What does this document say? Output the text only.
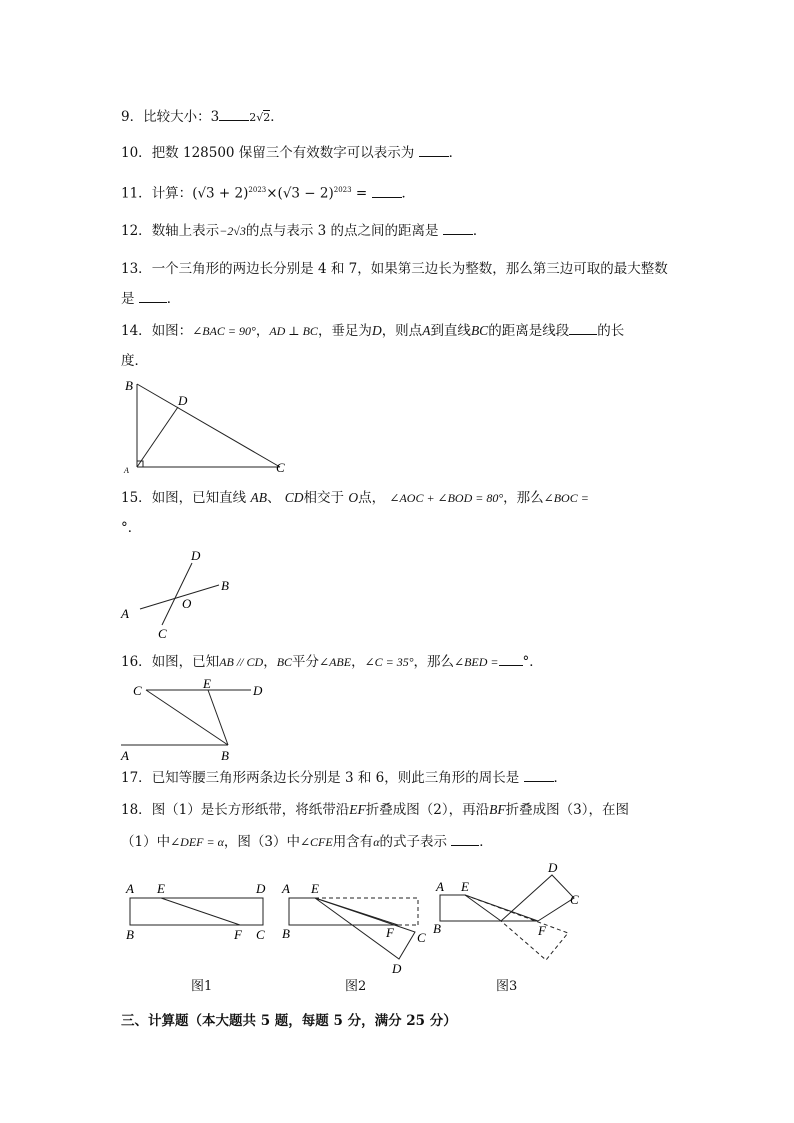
9．比较大小：3	2√2．
10．把数 128500 保留三个有效数字可以表示为	．
11．计算：$(√3 + 2)^{2023}\times(√3 - 2)^{2023}$ =	．
12．数轴上表示−2√3的点与表示 3 的点之间的距离是	．
13．一个三角形的两边长分别是 4 和 7，如果第三边长为整数，那么第三边可取的最大整数
是 ．
14．如图：∠BAC = 90°，AD ⊥ BC，垂足为D，则点A到直线BC的距离是线段 的长
度．
B
D
A	C
15．如图，已知直线 AB、 CD相交于 O点， ∠AOC + ∠BOD = 80°，那么∠BOC =
°．
D
B
O
A
C
16．如图，已知AB // CD，BC平分∠ABE，∠C = 35°，那么∠BED = °．
C	E	D
A	B
17．已知等腰三角形两条边长分别是 3 和 6，则此三角形的周长是	．
18．图（1）是长方形纸带，将纸带沿EF折叠成图（2），再沿BF折叠成图（3），在图
（1）中∠DEF = α，图（3）中∠CFE用含有α的式子表示 ．
A E	D
B	F C
A E
B	F C
D
A E
D
C
B	F
图1	图2	图3
三、计算题（本大题共 5 题，每题 5 分，满分 25 分）
